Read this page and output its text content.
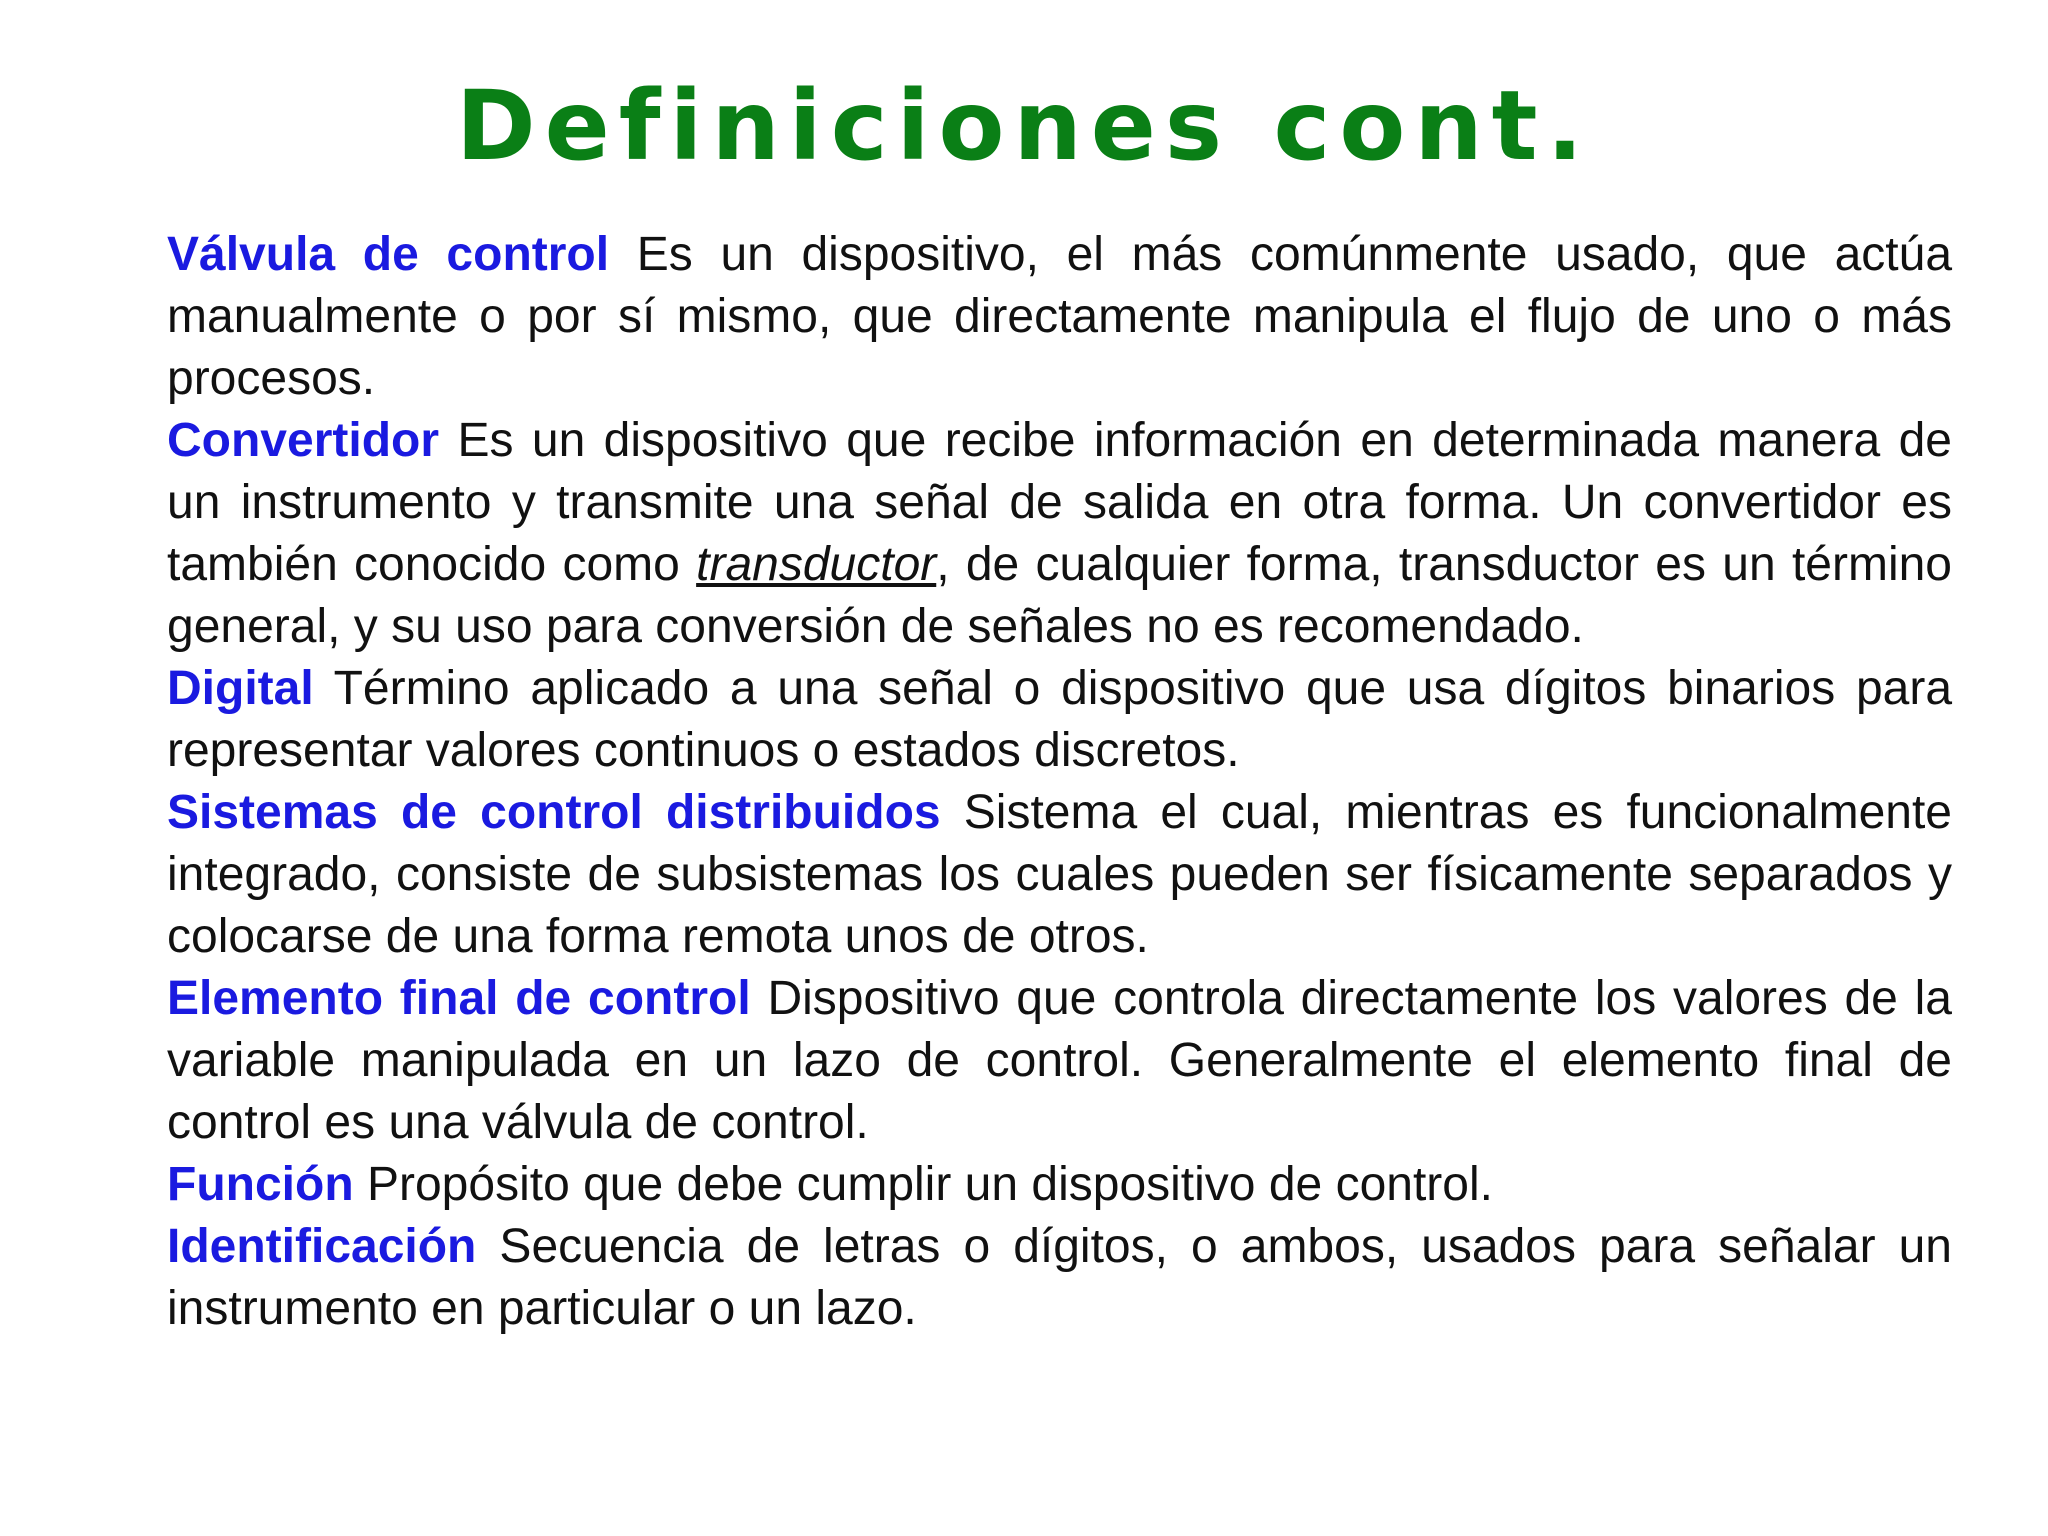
Definiciones cont.

Válvula de control Es un dispositivo, el más comúnmente usado, que actúa manualmente o por sí mismo, que directamente manipula el flujo de uno o más procesos.

Convertidor Es un dispositivo que recibe información en determinada manera de un instrumento y transmite una señal de salida en otra forma. Un convertidor es también conocido como transductor, de cualquier forma, transductor es un término general, y su uso para conversión de señales no es recomendado.

Digital Término aplicado a una señal o dispositivo que usa dígitos binarios para representar valores continuos o estados discretos.

Sistemas de control distribuidos Sistema el cual, mientras es funcionalmente integrado, consiste de subsistemas los cuales pueden ser físicamente separados y colocarse de una forma remota unos de otros.

Elemento final de control Dispositivo que controla directamente los valores de la variable manipulada en un lazo de control. Generalmente el elemento final de control es una válvula de control.

Función Propósito que debe cumplir un dispositivo de control.

Identificación Secuencia de letras o dígitos, o ambos, usados para señalar un instrumento en particular o un lazo.
